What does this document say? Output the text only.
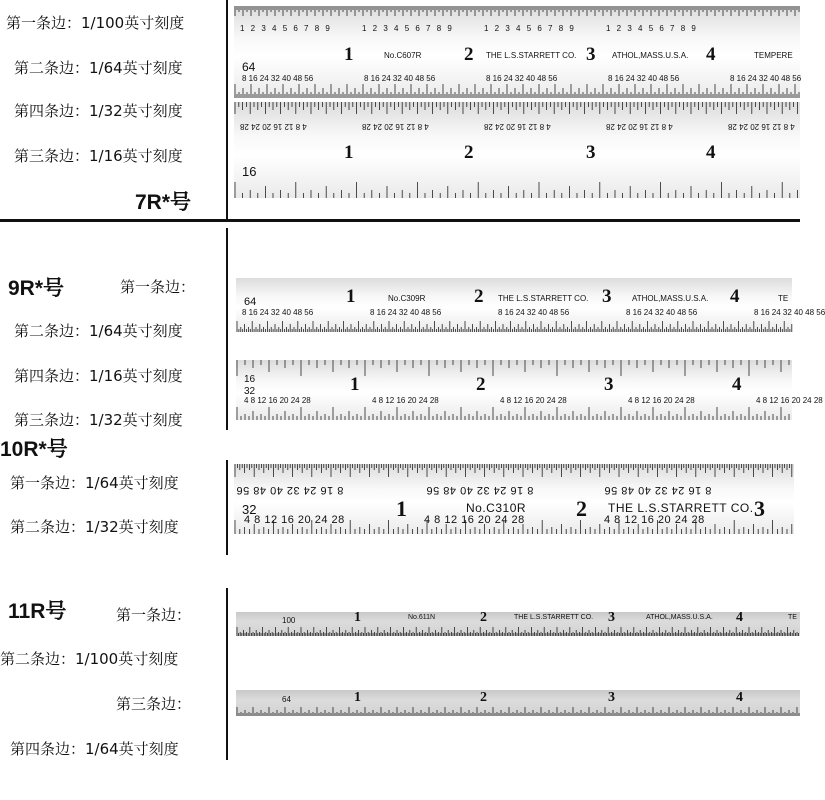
第一条边：1/100英寸刻度
第二条边：1/64英寸刻度
第四条边：1/32英寸刻度
第三条边：1/16英寸刻度
7R*号
1 2 3 4 5 6 7 8 9	1 2 3 4 5 6 7 8 9	1 2 3 4 5 6 7 8 9	1 2 3 4 5 6 7 8 9
64
1	2	3	4
No.C607R	THE L.S.STARRETT CO.	ATHOL,MASS.U.S.A.	TEMPERE
8 16 24 32 40 48 56	8 16 24 32 40 48 56	8 16 24 32 40 48 56	8 16 24 32 40 48 56	8 16 24 32 40 48 56
4 8 12 16 20 24 28	4 8 12 16 20 24 28	4 8 12 16 20 24 28	4 8 12 16 20 24 28	4 8 12 16 20 24 28
1	2	3	4
16
9R*号	第一条边：
第二条边：1/64英寸刻度
第四条边：1/16英寸刻度
第三条边：1/32英寸刻度
64	1	2	3	4
No.C309R	THE L.S.STARRETT CO.	ATHOL,MASS.U.S.A.	TE
8 16 24 32 40 48 56	8 16 24 32 40 48 56	8 16 24 32 40 48 56	8 16 24 32 40 48 56	8 16 24 32 40 48 56
16
32	1	2	3	4
4 8 12 16 20 24 28	4 8 12 16 20 24 28	4 8 12 16 20 24 28	4 8 12 16 20 24 28	4 8 12 16 20 24 28
10R*号
第一条边：1/64英寸刻度
第二条边：1/32英寸刻度
8 16 24 32 40 48 56	8 16 24 32 40 48 56	8 16 24 32 40 48 56
32	1	2	3
No.C310R	THE L.S.STARRETT CO.
4 8 12 16 20 24 28	4 8 12 16 20 24 28	4 8 12 16 20 24 28
11R号	第一条边：
第二条边：1/100英寸刻度
第三条边：
第四条边：1/64英寸刻度
100	1	2	3	4
No.611N	THE L.S.STARRETT CO.	ATHOL,MASS.U.S.A.	TE
64	1	2	3	4
